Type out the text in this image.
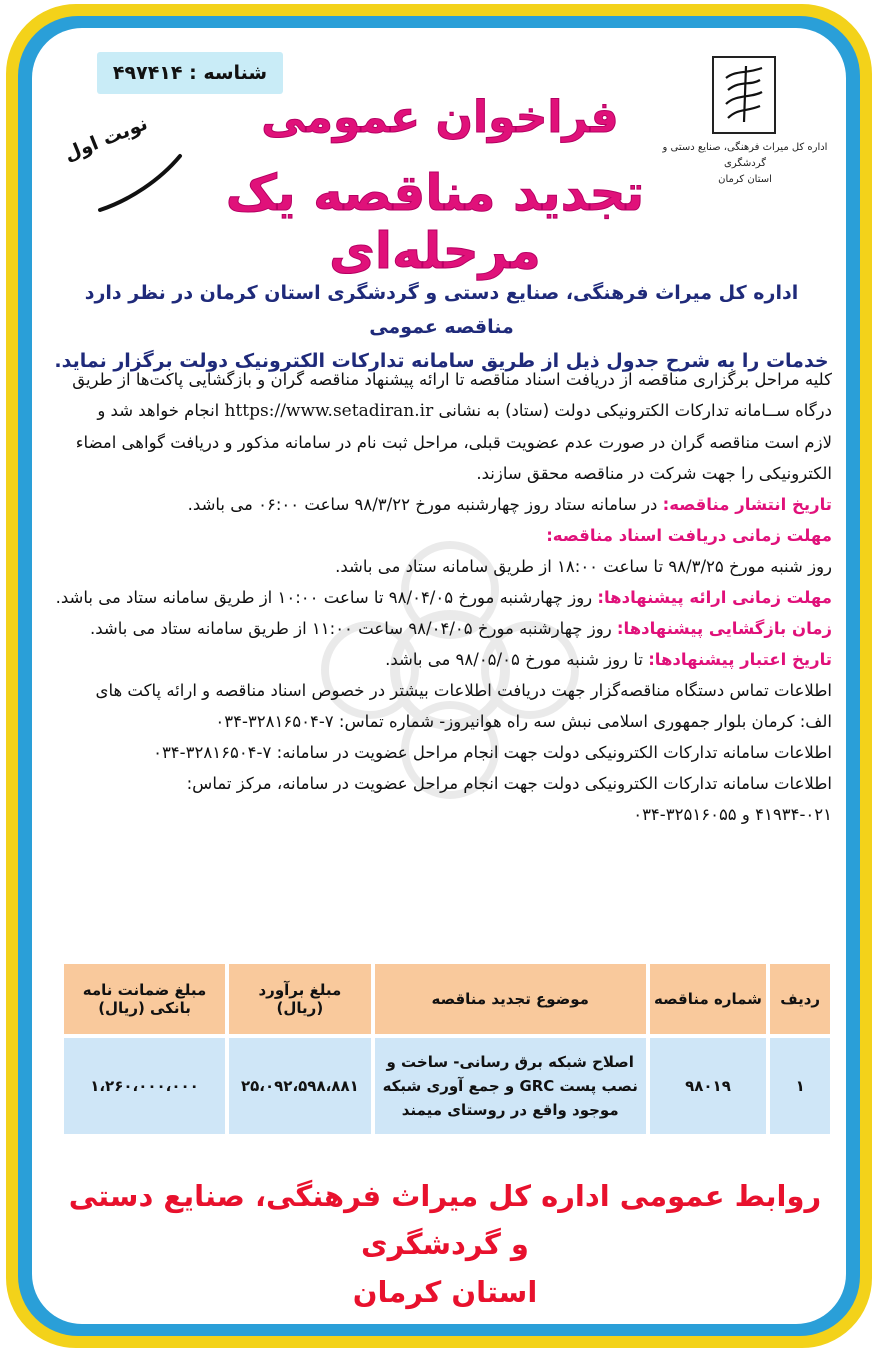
شناسه : ۴۹۷۴۱۴
اداره کل میراث فرهنگی، صنایع دستی و گردشگری
استان کرمان
نوبت اول	فراخوان عمومی
تجدید مناقصه یک مرحله‌ای
اداره کل میراث فرهنگی، صنایع دستی و گردشگری استان کرمان در نظر دارد مناقصه عمومی
خدمات را به شرح جدول ذیل از طریق سامانه تدارکات الکترونیک دولت برگزار نماید.
کلیه مراحل برگزاری مناقصه از دریافت اسناد مناقصه تا ارائه پیشنهاد مناقصه گران و بازگشایی پاکت‌ها از طریق
درگاه ســامانه تدارکات الکترونیکی دولت (ستاد) به نشانی https://www.setadiran.ir انجام خواهد شد و
لازم است مناقصه گران در صورت عدم عضویت قبلی، مراحل ثبت نام در سامانه مذکور و دریافت گواهی امضاء
الکترونیکی را جهت شرکت در مناقصه محقق سازند.
تاریخ انتشار مناقصه: در سامانه ستاد روز چهارشنبه مورخ ۹۸/۳/۲۲ ساعت ۰۶:۰۰ می باشد.
مهلت زمانی دریافت اسناد مناقصه:
روز شنبه مورخ ۹۸/۳/۲۵ تا ساعت ۱۸:۰۰ از طریق سامانه ستاد می باشد.
مهلت زمانی ارائه پیشنهادها: روز چهارشنبه مورخ ۹۸/۰۴/۰۵ تا ساعت ۱۰:۰۰ از طریق سامانه ستاد می باشد.
زمان بازگشایی پیشنهادها: روز چهارشنبه مورخ ۹۸/۰۴/۰۵ ساعت ۱۱:۰۰ از طریق سامانه ستاد می باشد.
تاریخ اعتبار پیشنهادها: تا روز شنبه مورخ ۹۸/۰۵/۰۵ می باشد.
اطلاعات تماس دستگاه مناقصه‌گزار جهت دریافت اطلاعات بیشتر در خصوص اسناد مناقصه و ارائه پاکت های
الف: کرمان بلوار جمهوری اسلامی نبش سه راه هوانیروز- شماره تماس: ۷-۳۲۸۱۶۵۰۴-۰۳۴
اطلاعات سامانه تدارکات الکترونیکی دولت جهت انجام مراحل عضویت در سامانه: ۷-۳۲۸۱۶۵۰۴-۰۳۴
اطلاعات سامانه تدارکات الکترونیکی دولت جهت انجام مراحل عضویت در سامانه، مرکز تماس:
۴۱۹۳۴-۰۲۱ و ۳۲۵۱۶۰۵۵-۰۳۴
ردیف	شماره مناقصه	موضوع تجدید مناقصه	مبلغ برآورد (ریال)	مبلغ ضمانت نامه بانکی (ریال)
۱	۹۸۰۱۹	اصلاح شبکه برق رسانی- ساخت و نصب پست GRC و جمع آوری شبکه موجود واقع در روستای میمند	۲۵،۰۹۲،۵۹۸،۸۸۱	۱،۲۶۰،۰۰۰،۰۰۰
روابط عمومی اداره کل میراث فرهنگی، صنایع دستی و گردشگری
استان کرمان
